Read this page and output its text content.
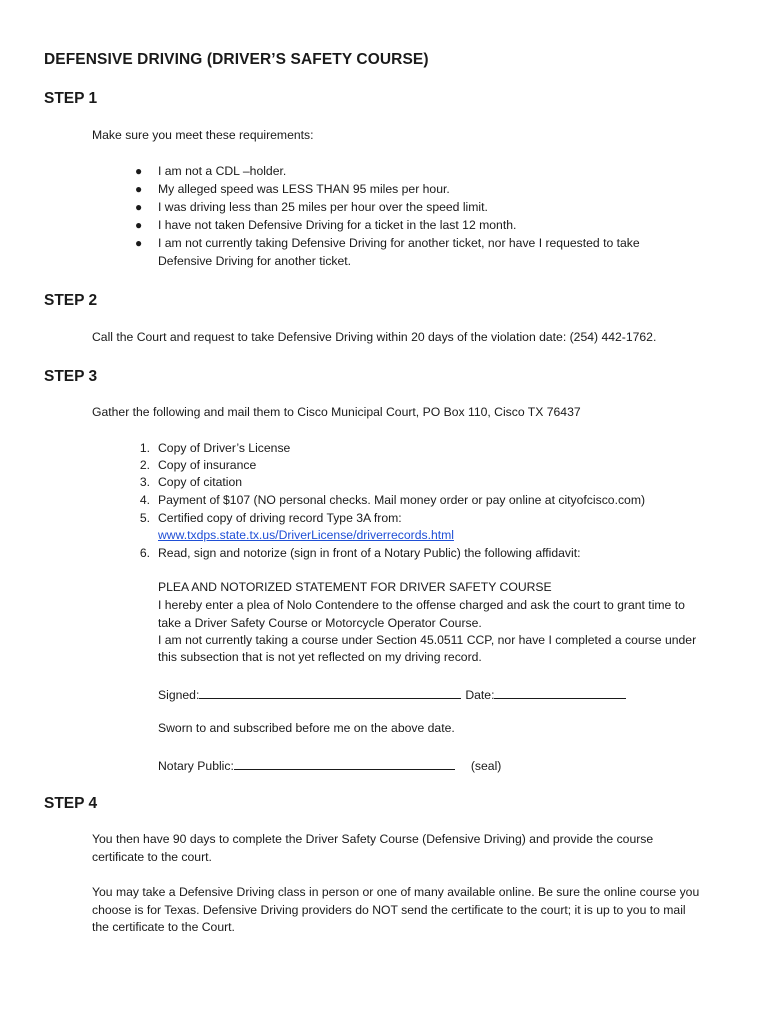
DEFENSIVE DRIVING (DRIVER’S SAFETY COURSE)
STEP 1
Make sure you meet these requirements:
● I am not a CDL –holder.
● My alleged speed was LESS THAN 95 miles per hour.
● I was driving less than 25 miles per hour over the speed limit.
● I have not taken Defensive Driving for a ticket in the last 12 month.
● I am not currently taking Defensive Driving for another ticket, nor have I requested to take
Defensive Driving for another ticket.
STEP 2
Call the Court and request to take Defensive Driving within 20 days of the violation date: (254) 442-1762.
STEP 3
Gather the following and mail them to Cisco Municipal Court, PO Box 110, Cisco TX 76437
1. Copy of Driver’s License
2. Copy of insurance
3. Copy of citation
4. Payment of $107 (NO personal checks. Mail money order or pay online at cityofcisco.com)
5. Certified copy of driving record Type 3A from:
www.txdps.state.tx.us/DriverLicense/driverrecords.html
6. Read, sign and notorize (sign in front of a Notary Public) the following affidavit:
PLEA AND NOTORIZED STATEMENT FOR DRIVER SAFETY COURSE
I hereby enter a plea of Nolo Contendere to the offense charged and ask the court to grant time to
take a Driver Safety Course or Motorcycle Operator Course.
I am not currently taking a course under Section 45.0511 CCP, nor have I completed a course under
this subsection that is not yet reflected on my driving record.
Signed:	Date:
Sworn to and subscribed before me on the above date.
Notary Public:	(seal)
STEP 4
You then have 90 days to complete the Driver Safety Course (Defensive Driving) and provide the course
certificate to the court.
You may take a Defensive Driving class in person or one of many available online. Be sure the online course you
choose is for Texas. Defensive Driving providers do NOT send the certificate to the court; it is up to you to mail
the certificate to the Court.
